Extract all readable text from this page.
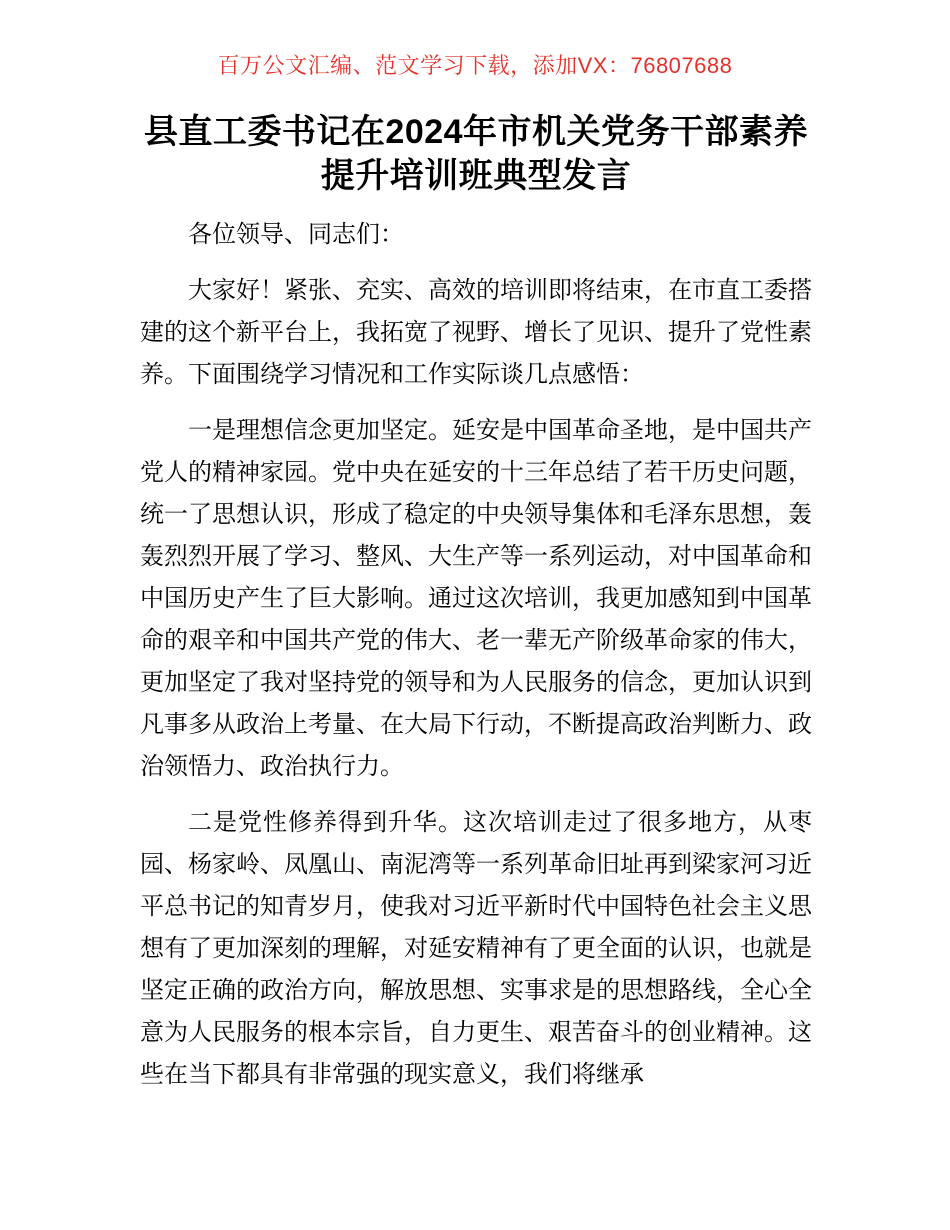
百万公文汇编、范文学习下载，添加VX：76807688
县直工委书记在2024年市机关党务干部素养提升培训班典型发言

各位领导、同志们：

大家好！紧张、充实、高效的培训即将结束，在市直工委搭建的这个新平台上，我拓宽了视野、增长了见识、提升了党性素养。下面围绕学习情况和工作实际谈几点感悟：

一是理想信念更加坚定。延安是中国革命圣地，是中国共产党人的精神家园。党中央在延安的十三年总结了若干历史问题，统一了思想认识，形成了稳定的中央领导集体和毛泽东思想，轰轰烈烈开展了学习、整风、大生产等一系列运动，对中国革命和中国历史产生了巨大影响。通过这次培训，我更加感知到中国革命的艰辛和中国共产党的伟大、老一辈无产阶级革命家的伟大，更加坚定了我对坚持党的领导和为人民服务的信念，更加认识到凡事多从政治上考量、在大局下行动，不断提高政治判断力、政治领悟力、政治执行力。

二是党性修养得到升华。这次培训走过了很多地方，从枣园、杨家岭、凤凰山、南泥湾等一系列革命旧址再到梁家河习近平总书记的知青岁月，使我对习近平新时代中国特色社会主义思想有了更加深刻的理解，对延安精神有了更全面的认识，也就是坚定正确的政治方向，解放思想、实事求是的思想路线，全心全意为人民服务的根本宗旨，自力更生、艰苦奋斗的创业精神。这些在当下都具有非常强的现实意义，我们将继承
